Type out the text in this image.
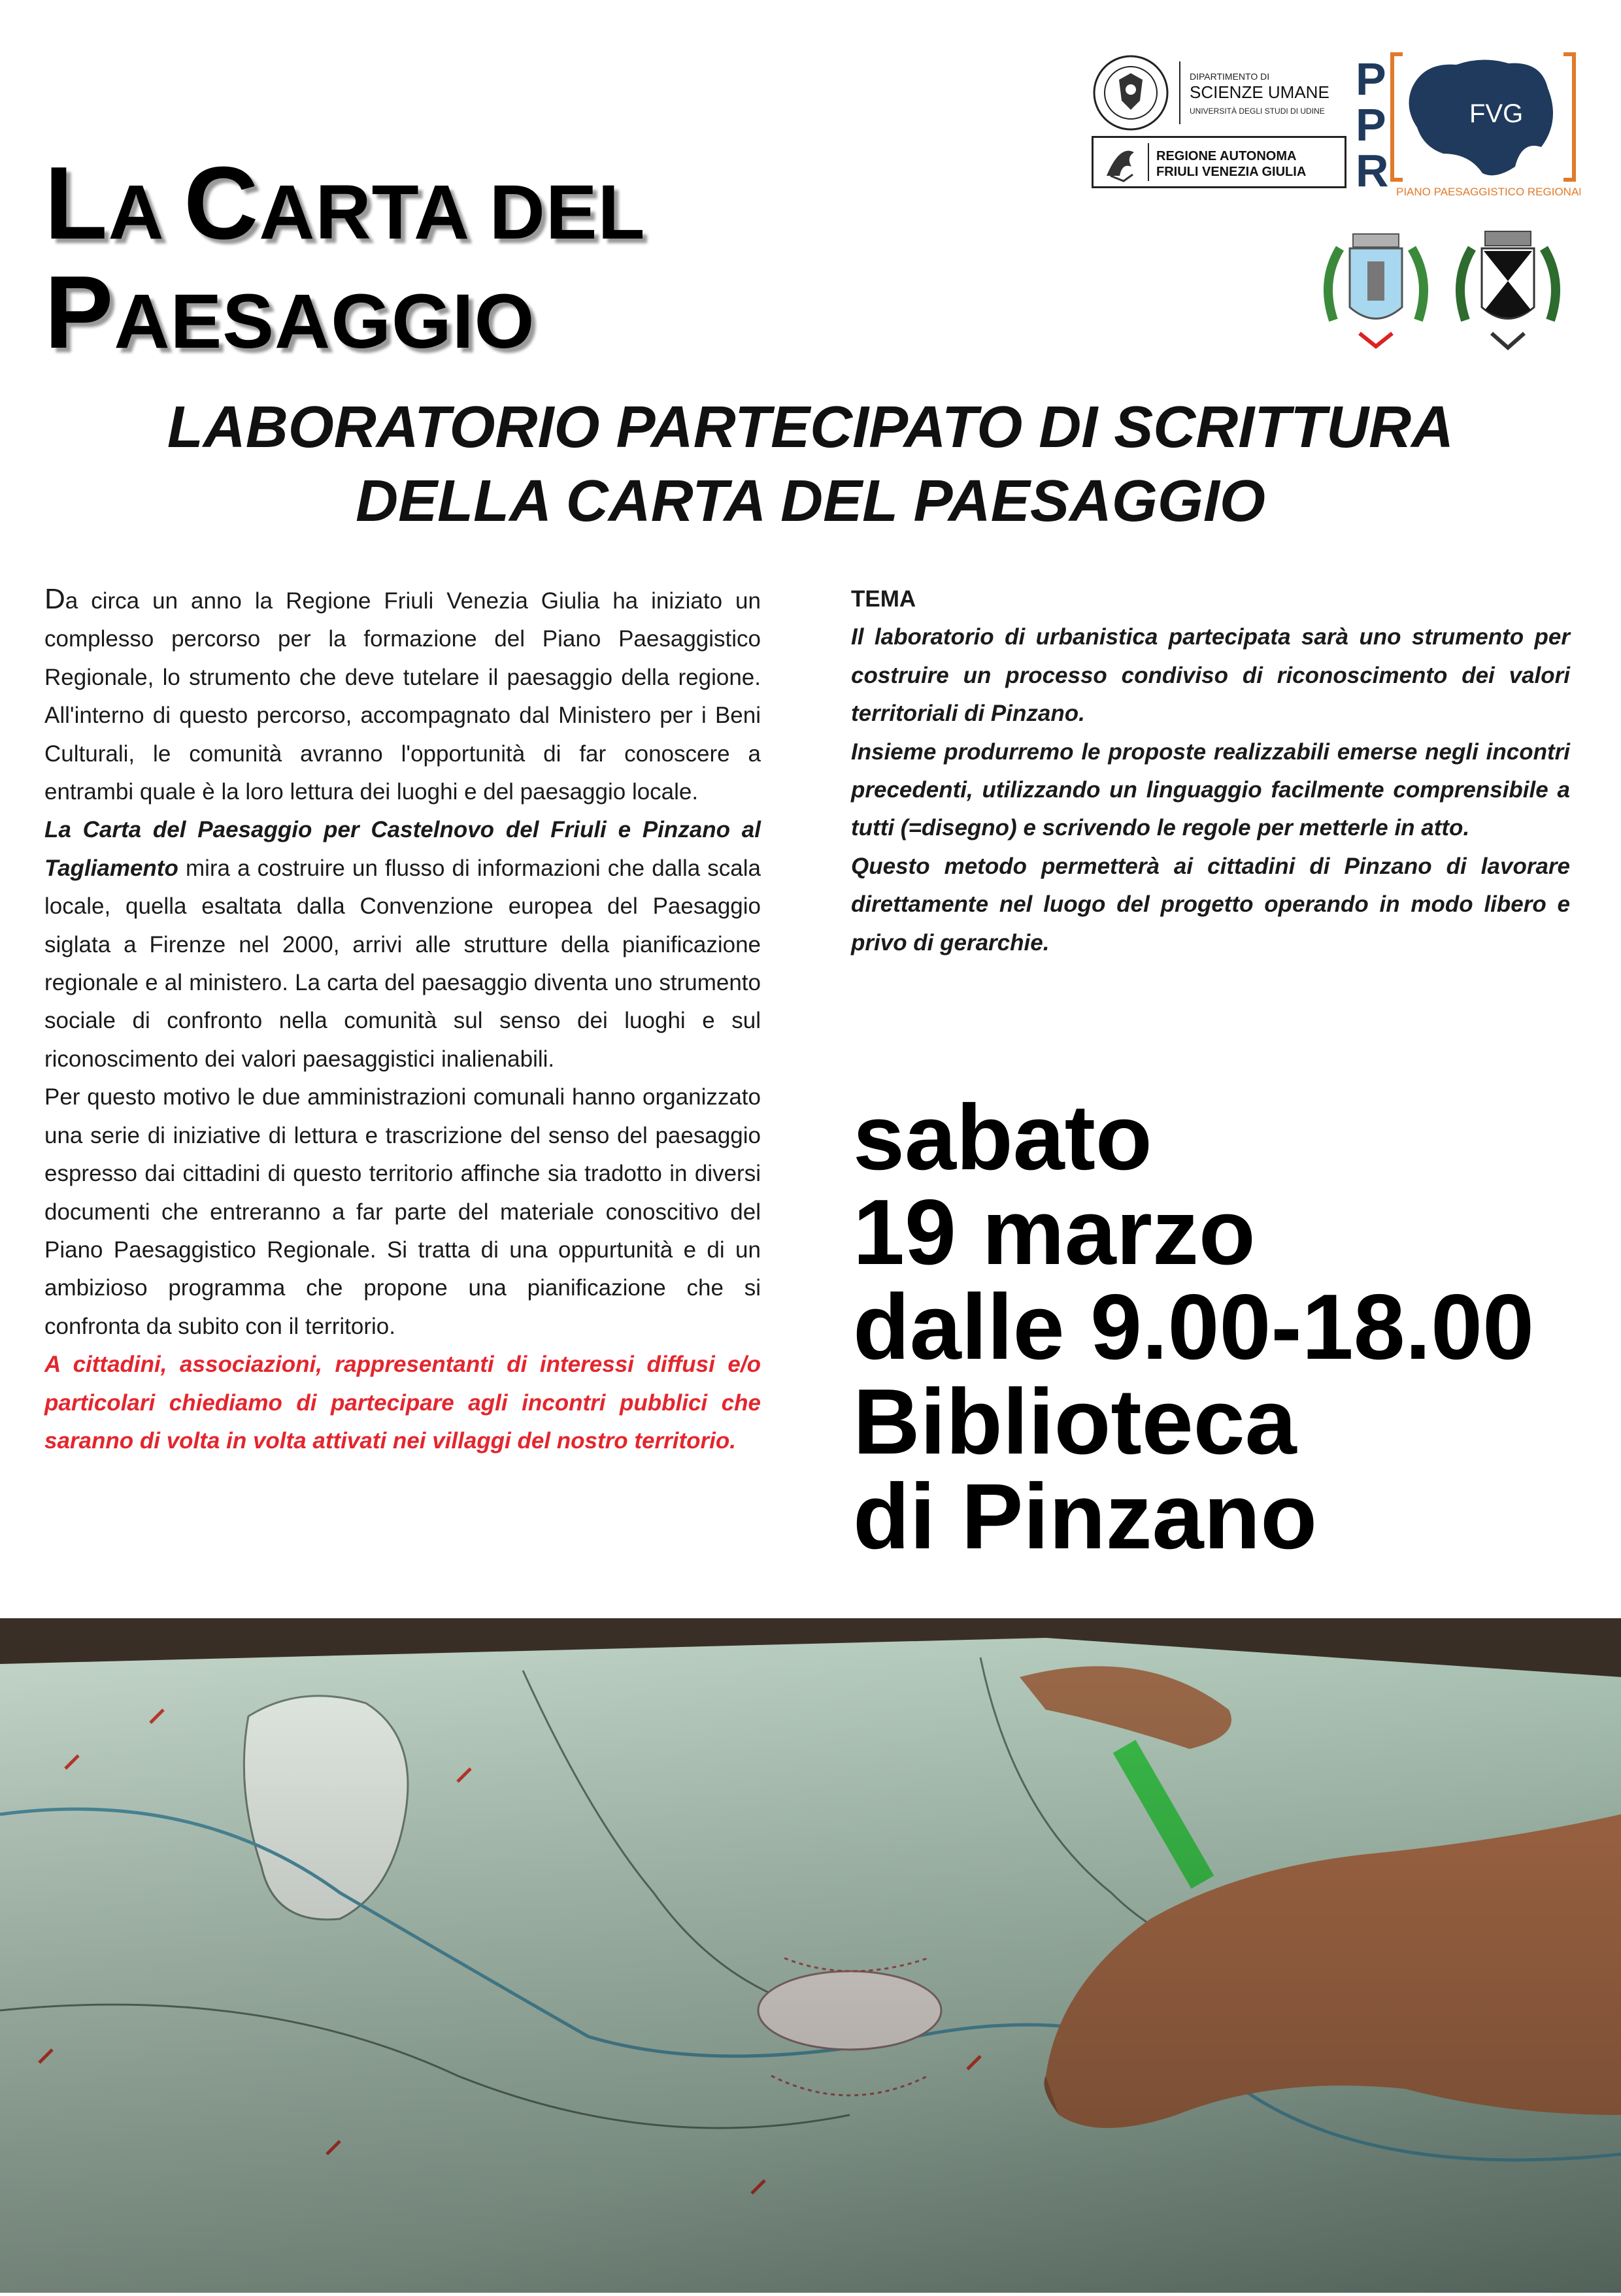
LA CARTA DEL
PAESAGGIO
DIPARTIMENTO DI
SCIENZE UMANE
UNIVERSITÀ DEGLI STUDI DI UDINE
REGIONE AUTONOMA
FRIULI VENEZIA GIULIA
P
P
R
FVG
PIANO PAESAGGISTICO REGIONALE
LABORATORIO PARTECIPATO DI SCRITTURA
DELLA CARTA DEL PAESAGGIO

Da circa un anno la Regione Friuli Venezia Giulia ha iniziato un complesso percorso per la formazione del Piano Paesaggistico Regionale, lo strumento che deve tutelare il paesaggio della regione. All'interno di questo percorso, accompagnato dal Ministero per i Beni Culturali, le comunità avranno l'opportunità di far conoscere a entrambi quale è la loro lettura dei luoghi e del paesaggio locale.

La Carta del Paesaggio per Castelnovo del Friuli e Pinzano al Tagliamento mira a costruire un flusso di informazioni che dalla scala locale, quella esaltata dalla Convenzione europea del Paesaggio siglata a Firenze nel 2000, arrivi alle strutture della pianificazione regionale e al ministero. La carta del paesaggio diventa uno strumento sociale di confronto nella comunità sul senso dei luoghi e sul riconoscimento dei valori paesaggistici inalienabili.

Per questo motivo le due amministrazioni comunali hanno organizzato una serie di iniziative di lettura e trascrizione del senso del paesaggio espresso dai cittadini di questo territorio affinche sia tradotto in diversi documenti che entreranno a far parte del materiale conoscitivo del Piano Paesaggistico Regionale. Si tratta di una oppurtunità e di un ambizioso programma che propone una pianificazione che si confronta da subito con il territorio.

A cittadini, associazioni, rappresentanti di interessi diffusi e/o particolari chiediamo di partecipare agli incontri pubblici che saranno di volta in volta attivati nei villaggi del nostro territorio.

TEMA

Il laboratorio di urbanistica partecipata sarà uno strumento per costruire un processo condiviso di riconoscimento dei valori territoriali di Pinzano.

Insieme produrremo le proposte realizzabili emerse negli incontri precedenti, utilizzando un linguaggio facilmente comprensibile a tutti (=disegno) e scrivendo le regole per metterle in atto.

Questo metodo permetterà ai cittadini di Pinzano di lavorare direttamente nel luogo del progetto operando in modo libero e privo di gerarchie.

sabato
19 marzo
dalle 9.00-18.00
Biblioteca
di Pinzano
